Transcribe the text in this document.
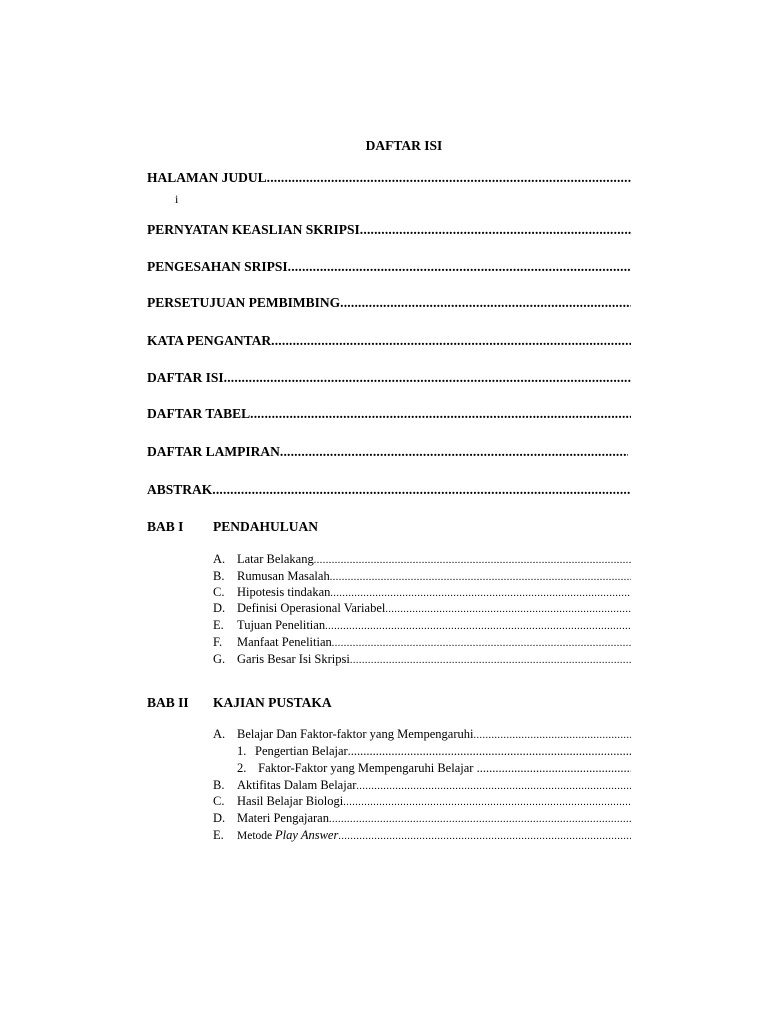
DAFTAR ISI
HALAMAN JUDUL
.....
i
PERNYATAN KEASLIAN SKRIPSI
.....
PENGESAHAN SRIPSI
.....
PERSETUJUAN PEMBIMBING
.....
KATA PENGANTAR
.....
DAFTAR ISI
.....
DAFTAR TABEL
.....
DAFTAR LAMPIRAN
.....
ABSTRAK
.....
BAB I	PENDAHULUAN
A. Latar Belakang
.....
B.	Rumusan Masalah
.....
C.	Hipotesis tindakan
.....
D. Definisi Operasional Variabel
.....
E.	Tujuan Penelitian
.....
F.	Manfaat Penelitian
.....
G. Garis Besar Isi Skripsi
.....
BAB II	KAJIAN PUSTAKA
A. Belajar Dan Faktor-faktor yang Mempengaruhi
.....
1. Pengertian Belajar
.....
2. Faktor-Faktor yang Mempengaruhi Belajar
.....
B.	Aktifitas Dalam Belajar
.....
C.	Hasil Belajar Biologi
.....
D. Materi Pengajaran
.....
E.	Metode Play Answer
.....
